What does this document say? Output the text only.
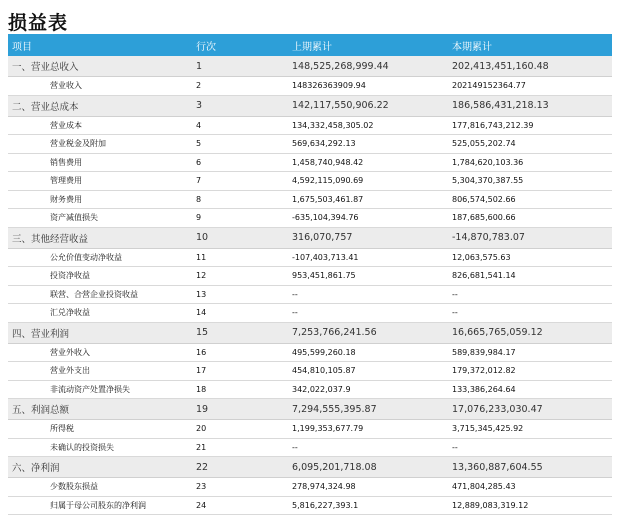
损益表
项目	行次	上期累计	本期累计
一、营业总收入	1	148,525,268,999.44	202,413,451,160.48
营业收入	2	148326363909.94	202149152364.77
二、营业总成本	3	142,117,550,906.22	186,586,431,218.13
营业成本	4	134,332,458,305.02	177,816,743,212.39
营业税金及附加	5	569,634,292.13	525,055,202.74
销售费用	6	1,458,740,948.42	1,784,620,103.36
管理费用	7	4,592,115,090.69	5,304,370,387.55
财务费用	8	1,675,503,461.87	806,574,502.66
资产减值损失	9	-635,104,394.76	187,685,600.66
三、其他经营收益	10	316,070,757	-14,870,783.07
公允价值变动净收益	11	-107,403,713.41	12,063,575.63
投资净收益	12	953,451,861.75	826,681,541.14
联营、合营企业投资收益	13	--	--
汇兑净收益	14	--	--
四、营业利润	15	7,253,766,241.56	16,665,765,059.12
营业外收入	16	495,599,260.18	589,839,984.17
营业外支出	17	454,810,105.87	179,372,012.82
非流动资产处置净损失	18	342,022,037.9	133,386,264.64
五、利润总额	19	7,294,555,395.87	17,076,233,030.47
所得税	20	1,199,353,677.79	3,715,345,425.92
未确认的投资损失	21	--	--
六、净利润	22	6,095,201,718.08	13,360,887,604.55
少数股东损益	23	278,974,324.98	471,804,285.43
归属于母公司股东的净利润	24	5,816,227,393.1	12,889,083,319.12
